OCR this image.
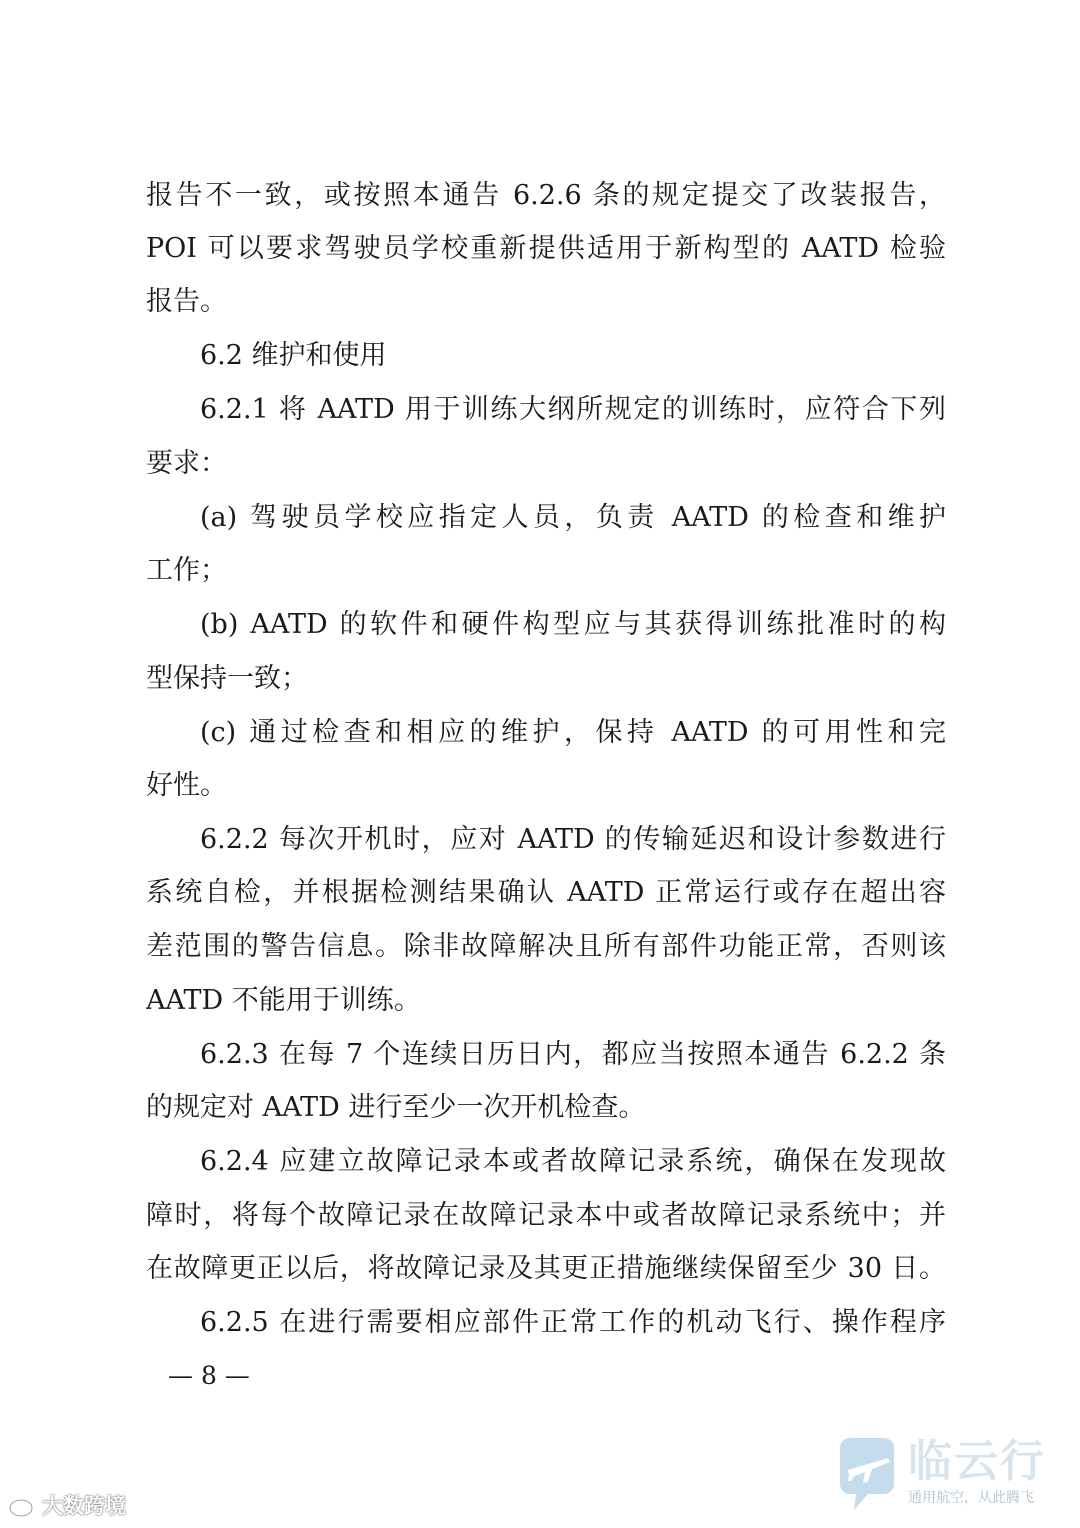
报告不一致，或按照本通告 6.2.6 条的规定提交了改装报告，
POI 可以要求驾驶员学校重新提供适用于新构型的 AATD 检验
报告。
6.2 维护和使用
6.2.1 将 AATD 用于训练大纲所规定的训练时，应符合下列
要求：
(a) 驾驶员学校应指定人员，负责 AATD 的检查和维护
工作；
(b) AATD 的软件和硬件构型应与其获得训练批准时的构
型保持一致；
(c) 通过检查和相应的维护，保持 AATD 的可用性和完
好性。
6.2.2 每次开机时，应对 AATD 的传输延迟和设计参数进行
系统自检，并根据检测结果确认 AATD 正常运行或存在超出容
差范围的警告信息。除非故障解决且所有部件功能正常，否则该
AATD 不能用于训练。
6.2.3 在每 7 个连续日历日内，都应当按照本通告 6.2.2 条
的规定对 AATD 进行至少一次开机检查。
6.2.4 应建立故障记录本或者故障记录系统，确保在发现故
障时，将每个故障记录在故障记录本中或者故障记录系统中；并
在故障更正以后，将故障记录及其更正措施继续保留至少 30 日。
6.2.5 在进行需要相应部件正常工作的机动飞行、操作程序
— 8 —
大数跨境
临云行
通用航空，从此腾飞
